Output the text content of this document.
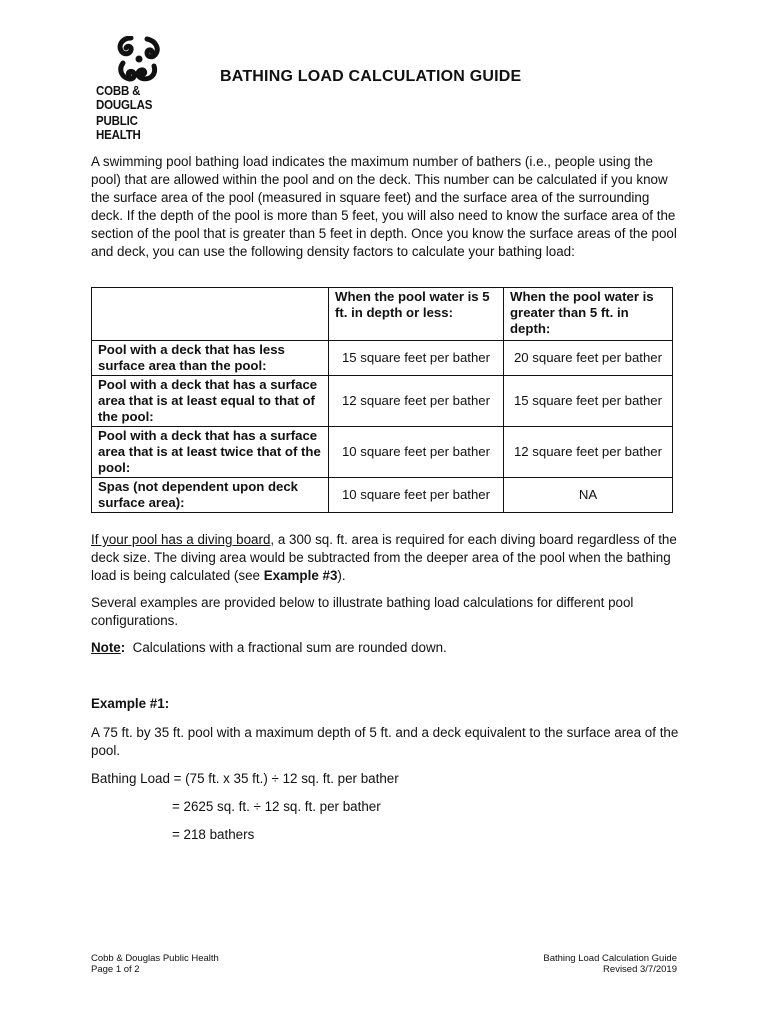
COBB & DOUGLAS
PUBLIC HEALTH
BATHING LOAD CALCULATION GUIDE

A swimming pool bathing load indicates the maximum number of bathers (i.e., people using the pool) that are allowed within the pool and on the deck. This number can be calculated if you know the surface area of the pool (measured in square feet) and the surface area of the surrounding deck. If the depth of the pool is more than 5 feet, you will also need to know the surface area of the section of the pool that is greater than 5 feet in depth. Once you know the surface areas of the pool and deck, you can use the following density factors to calculate your bathing load:

	When the pool water is 5 ft. in depth or less:	When the pool water is greater than 5 ft. in depth:
Pool with a deck that has less surface area than the pool:	15 square feet per bather	20 square feet per bather
Pool with a deck that has a surface area that is at least equal to that of the pool:	12 square feet per bather	15 square feet per bather
Pool with a deck that has a surface area that is at least twice that of the pool:	10 square feet per bather	12 square feet per bather
Spas (not dependent upon deck surface area):	10 square feet per bather	NA

If your pool has a diving board, a 300 sq. ft. area is required for each diving board regardless of the deck size. The diving area would be subtracted from the deeper area of the pool when the bathing load is being calculated (see Example #3).

Several examples are provided below to illustrate bathing load calculations for different pool configurations.

Note:  Calculations with a fractional sum are rounded down.

Example #1:

A 75 ft. by 35 ft. pool with a maximum depth of 5 ft. and a deck equivalent to the surface area of the pool.

Bathing Load = (75 ft. x 35 ft.) ÷ 12 sq. ft. per bather

= 2625 sq. ft. ÷ 12 sq. ft. per bather

= 218 bathers

Cobb & Douglas Public Health
Page 1 of 2
Bathing Load Calculation Guide
Revised 3/7/2019
